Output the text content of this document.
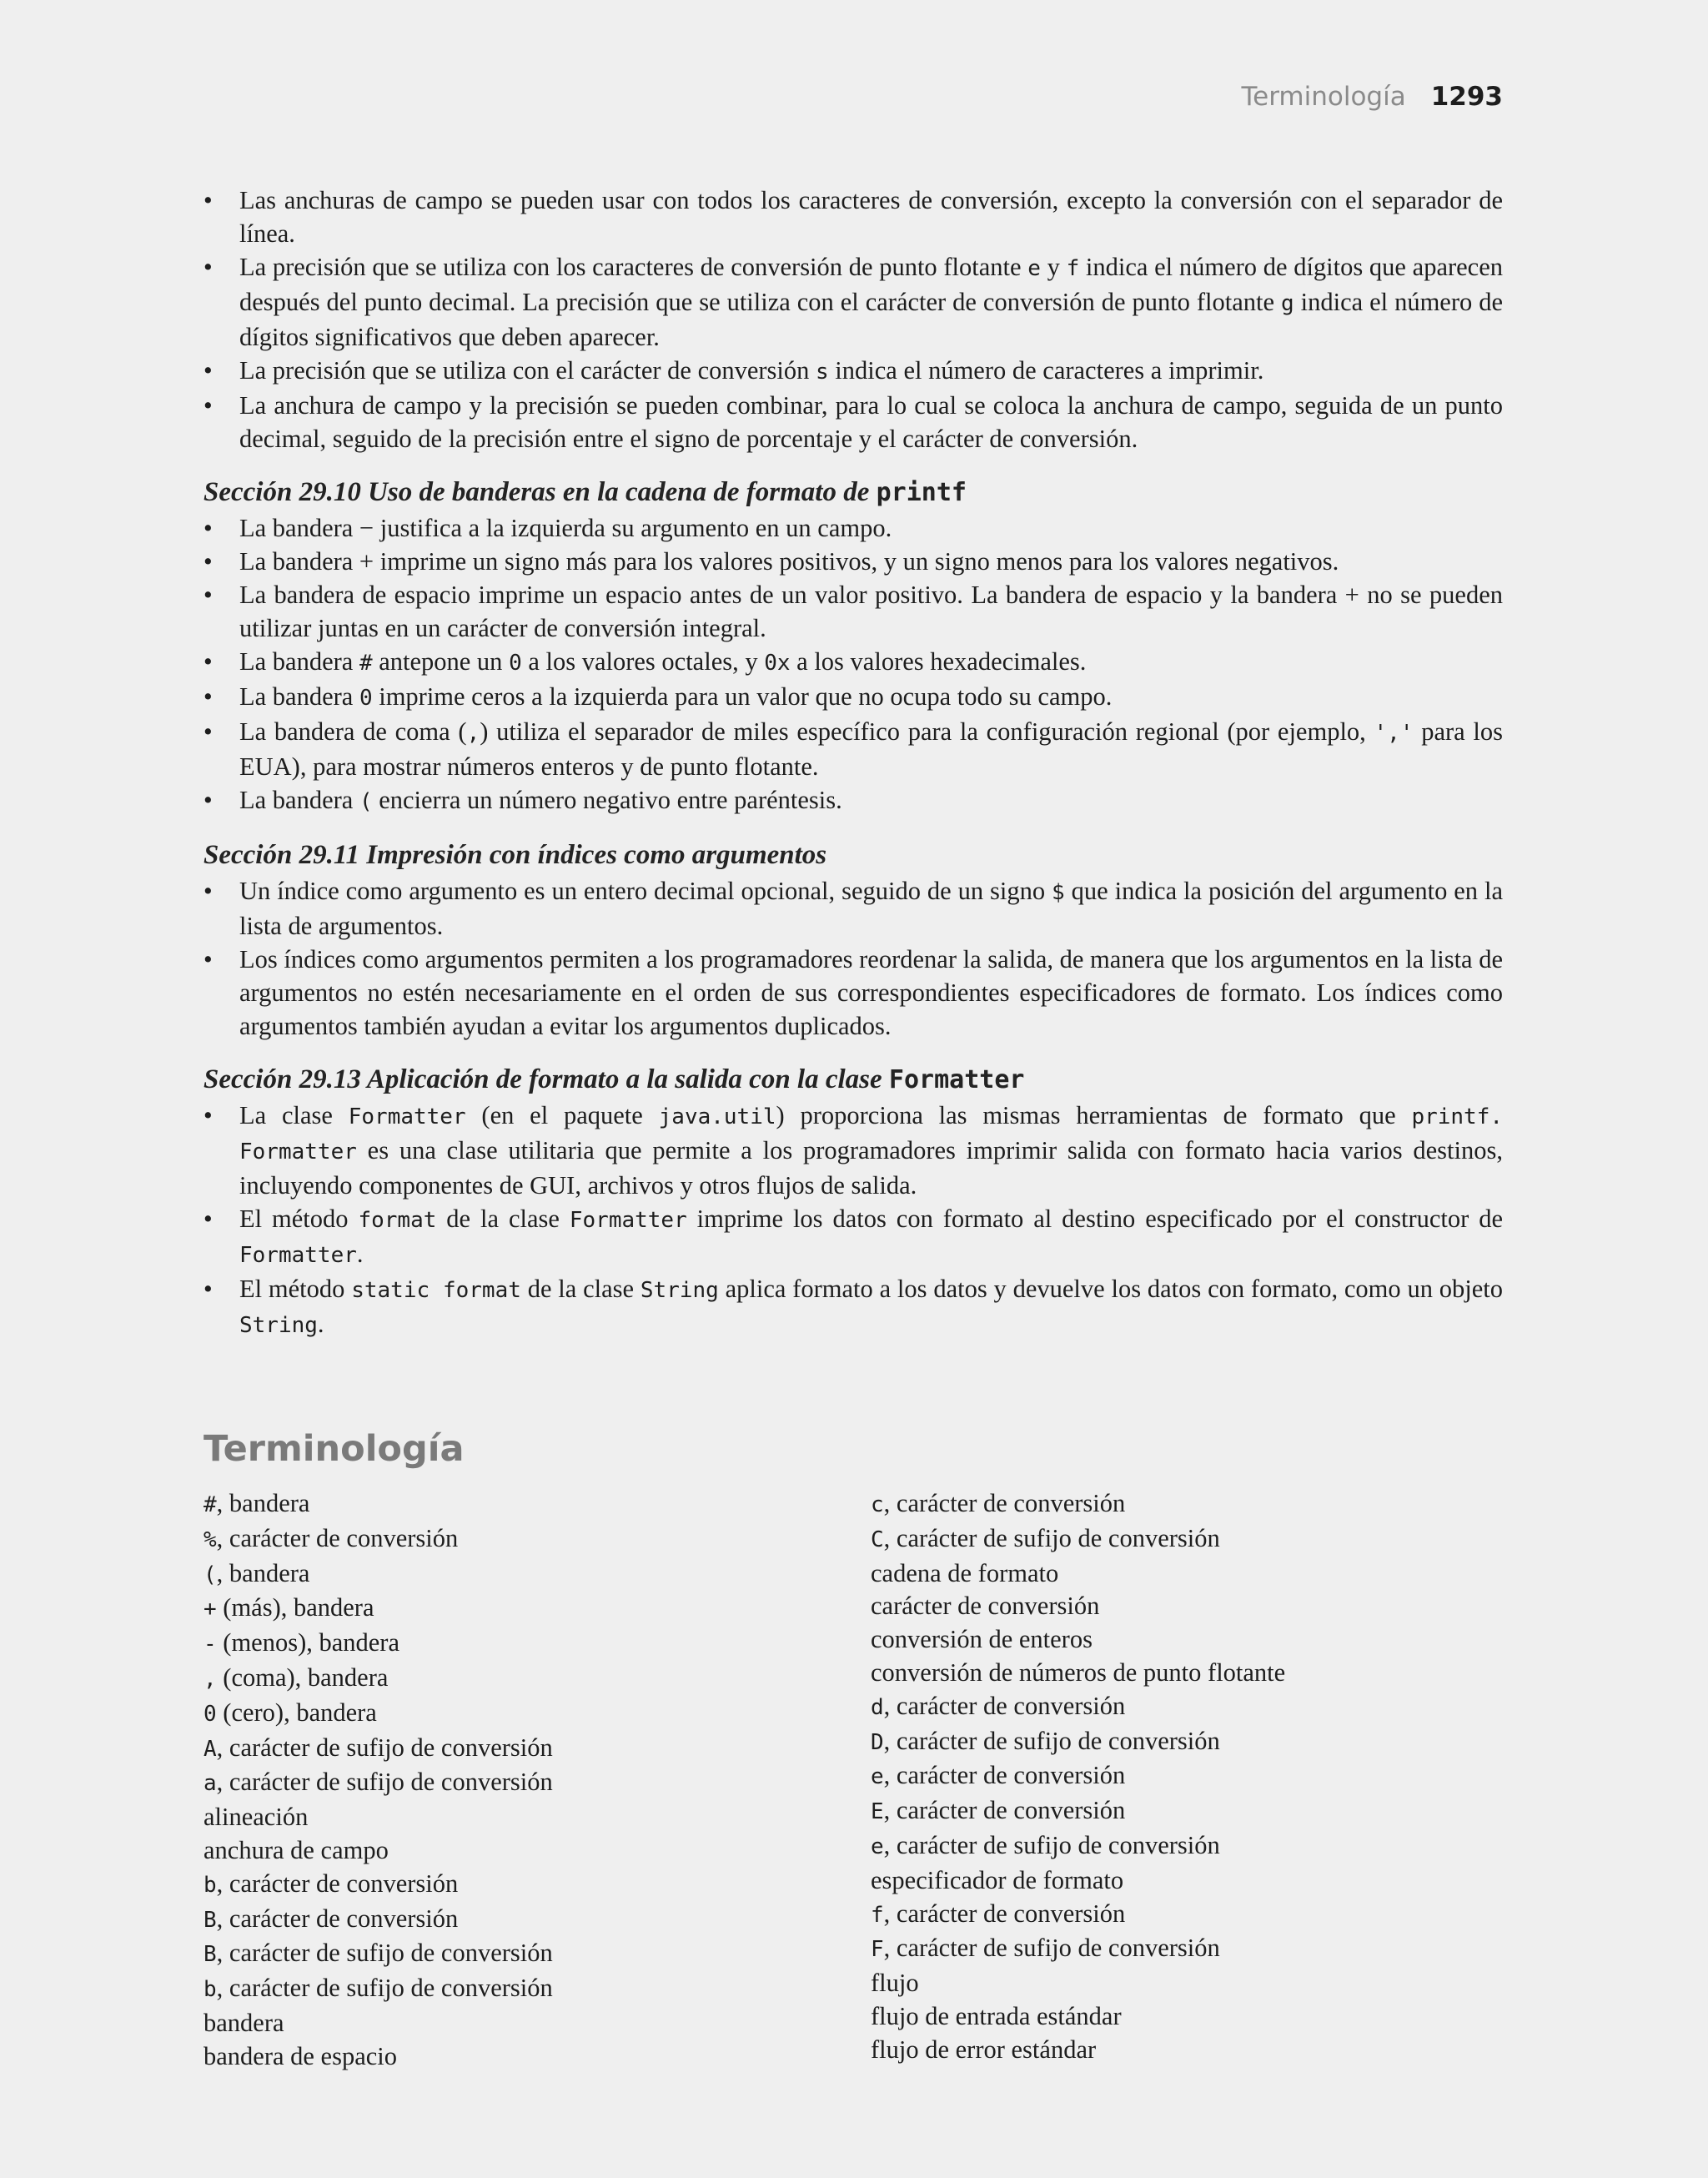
Terminología 1293
• Las anchuras de campo se pueden usar con todos los caracteres de conversión, excepto la conversión con el separador de línea.
• La precisión que se utiliza con los caracteres de conversión de punto flotante e y f indica el número de dígitos que aparecen después del punto decimal. La precisión que se utiliza con el carácter de conversión de punto flotante g indica el número de dígitos significativos que deben aparecer.
• La precisión que se utiliza con el carácter de conversión s indica el número de caracteres a imprimir.
• La anchura de campo y la precisión se pueden combinar, para lo cual se coloca la anchura de campo, seguida de un punto decimal, seguido de la precisión entre el signo de porcentaje y el carácter de conversión.
Sección 29.10 Uso de banderas en la cadena de formato de printf
• La bandera − justifica a la izquierda su argumento en un campo.
• La bandera + imprime un signo más para los valores positivos, y un signo menos para los valores negativos.
• La bandera de espacio imprime un espacio antes de un valor positivo. La bandera de espacio y la bandera + no se pueden utilizar juntas en un carácter de conversión integral.
• La bandera # antepone un 0 a los valores octales, y 0x a los valores hexadecimales.
• La bandera 0 imprime ceros a la izquierda para un valor que no ocupa todo su campo.
• La bandera de coma (,) utiliza el separador de miles específico para la configuración regional (por ejemplo, ',' para los EUA), para mostrar números enteros y de punto flotante.
• La bandera ( encierra un número negativo entre paréntesis.
Sección 29.11 Impresión con índices como argumentos
• Un índice como argumento es un entero decimal opcional, seguido de un signo $ que indica la posición del argumento en la lista de argumentos.
• Los índices como argumentos permiten a los programadores reordenar la salida, de manera que los argumentos en la lista de argumentos no estén necesariamente en el orden de sus correspondientes especificadores de formato. Los índices como argumentos también ayudan a evitar los argumentos duplicados.
Sección 29.13 Aplicación de formato a la salida con la clase Formatter
• La clase Formatter (en el paquete java.util) proporciona las mismas herramientas de formato que printf. Formatter es una clase utilitaria que permite a los programadores imprimir salida con formato hacia varios destinos, incluyendo componentes de GUI, archivos y otros flujos de salida.
• El método format de la clase Formatter imprime los datos con formato al destino especificado por el constructor de Formatter.
• El método static format de la clase String aplica formato a los datos y devuelve los datos con formato, como un objeto String.
Terminología
#, bandera
%, carácter de conversión
(, bandera
+ (más), bandera
- (menos), bandera
, (coma), bandera
0 (cero), bandera
A, carácter de sufijo de conversión
a, carácter de sufijo de conversión
alineación
anchura de campo
b, carácter de conversión
B, carácter de conversión
B, carácter de sufijo de conversión
b, carácter de sufijo de conversión
bandera
bandera de espacio
c, carácter de conversión
C, carácter de sufijo de conversión
cadena de formato
carácter de conversión
conversión de enteros
conversión de números de punto flotante
d, carácter de conversión
D, carácter de sufijo de conversión
e, carácter de conversión
E, carácter de conversión
e, carácter de sufijo de conversión
especificador de formato
f, carácter de conversión
F, carácter de sufijo de conversión
flujo
flujo de entrada estándar
flujo de error estándar
